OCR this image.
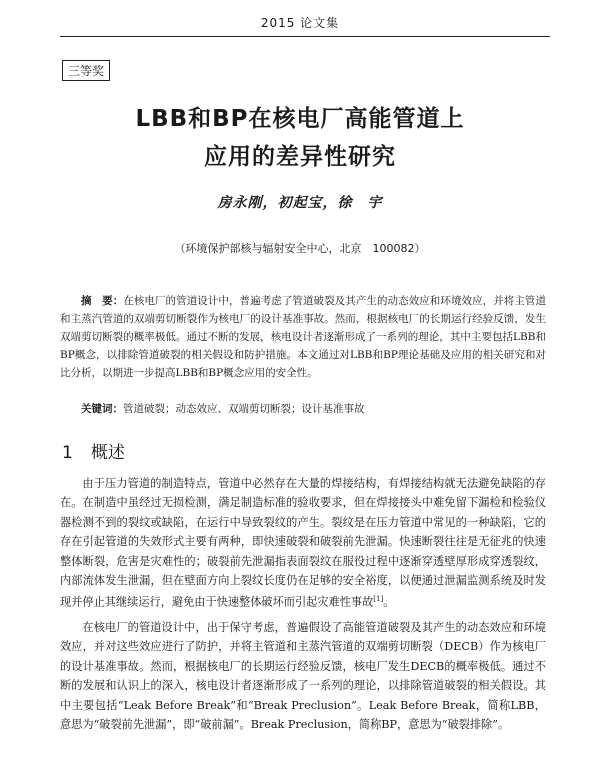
2015 论文集
三等奖
LBB和BP在核电厂高能管道上
应用的差异性研究
房永刚，初起宝，徐　宇
（环境保护部核与辐射安全中心，北京　100082）
摘　要：在核电厂的管道设计中，普遍考虑了管道破裂及其产生的动态效应和环境效应，并将主管道和主蒸汽管道的双端剪切断裂作为核电厂的设计基准事故。然而，根据核电厂的长期运行经验反馈，发生双端剪切断裂的概率极低。通过不断的发展，核电设计者逐渐形成了一系列的理论，其中主要包括LBB和BP概念，以排除管道破裂的相关假设和防护措施。本文通过对LBB和BP理论基础及应用的相关研究和对比分析，以期进一步提高LBB和BP概念应用的安全性。
关键词：管道破裂；动态效应、双端剪切断裂；设计基准事故
1 概述

由于压力管道的制造特点，管道中必然存在大量的焊接结构，有焊接结构就无法避免缺陷的存在。在制造中虽经过无损检测，满足制造标准的验收要求，但在焊接接头中难免留下漏检和检验仪器检测不到的裂纹或缺陷，在运行中导致裂纹的产生。裂纹是在压力管道中常见的一种缺陷，它的存在引起管道的失效形式主要有两种，即快速破裂和破裂前先泄漏。快速断裂往往是无征兆的快速整体断裂，危害是灾难性的；破裂前先泄漏指表面裂纹在服役过程中逐渐穿透壁厚形成穿透裂纹，内部流体发生泄漏，但在壁面方向上裂纹长度仍在足够的安全裕度，以便通过泄漏监测系统及时发现并停止其继续运行，避免由于快速整体破坏而引起灾难性事故[1]。

在核电厂的管道设计中，出于保守考虑，普遍假设了高能管道破裂及其产生的动态效应和环境效应，并对这些效应进行了防护，并将主管道和主蒸汽管道的双端剪切断裂（DECB）作为核电厂的设计基准事故。然而，根据核电厂的长期运行经验反馈，核电厂发生DECB的概率极低。通过不断的发展和认识上的深入，核电设计者逐渐形成了一系列的理论，以排除管道破裂的相关假设。其中主要包括“Leak Before Break”和“Break Preclusion”。Leak Before Break，简称LBB，意思为“破裂前先泄漏”，即“破前漏”。Break Preclusion，简称BP，意思为“破裂排除”。
